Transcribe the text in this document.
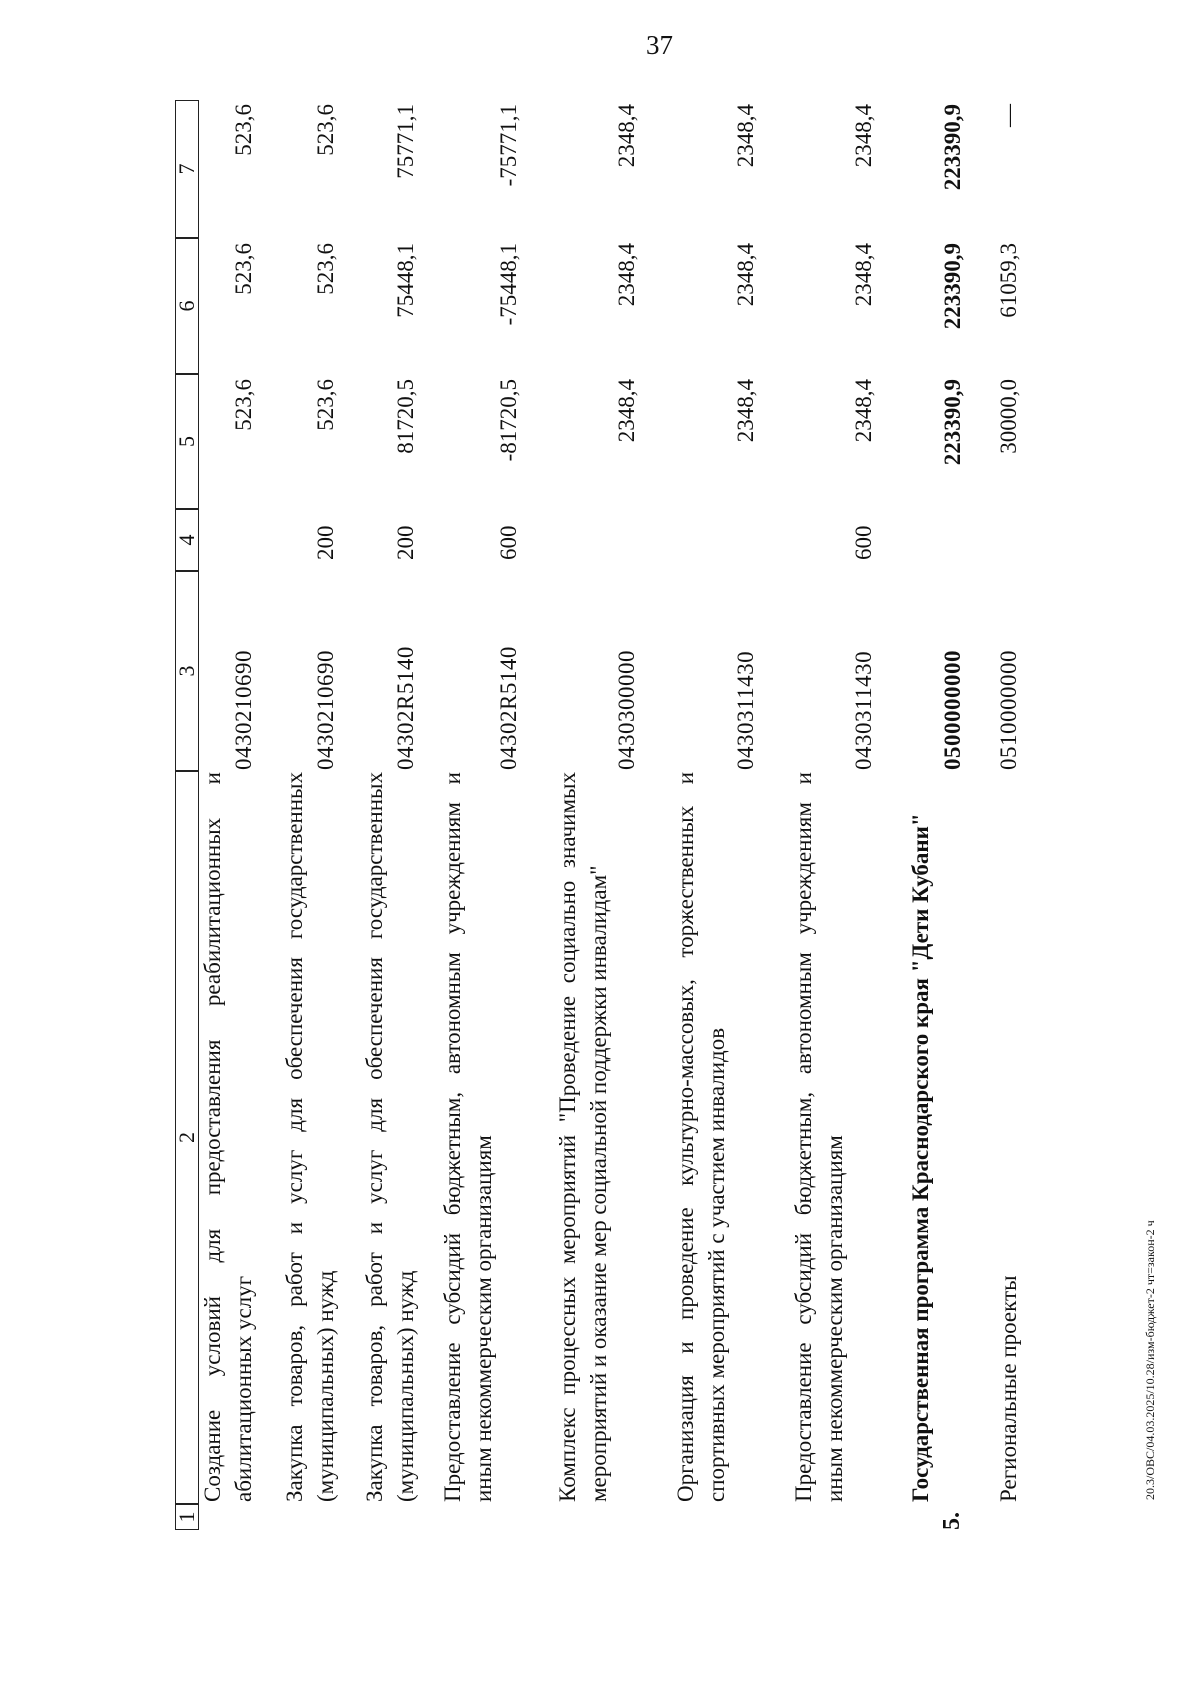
37
20.3/ОВС/04.03.2025/10.28/изм-бюджет-2 чт=закон-2 ч
1
2
3
4
5
6
7
Создание условий для предоставления реабилитационных и абилитационных услуг
0430210690
523,6
523,6
523,6
Закупка товаров, работ и услуг для обеспечения государственных (муниципальных) нужд
0430210690
200
523,6
523,6
523,6
Закупка товаров, работ и услуг для обеспечения государственных (муниципальных) нужд
04302R5140
200
81720,5
75448,1
75771,1
Предоставление субсидий бюджетным, автономным учреждениям и иным некоммерческим организациям
04302R5140
600
-81720,5
-75448,1
-75771,1
Комплекс процессных мероприятий "Проведение социально значимых мероприятий и оказание мер социальной поддержки инвалидам"
0430300000
2348,4
2348,4
2348,4
Организация и проведение культурно-массовых, торжественных и спортивных мероприятий с участием инвалидов
0430311430
2348,4
2348,4
2348,4
Предоставление субсидий бюджетным, автономным учреждениям и иным некоммерческим организациям
0430311430
600
2348,4
2348,4
2348,4
5.
Государственная программа Краснодарского края "Дети Кубани"
0500000000
223390,9
223390,9
223390,9
Региональные проекты
0510000000
30000,0
61059,3
—
